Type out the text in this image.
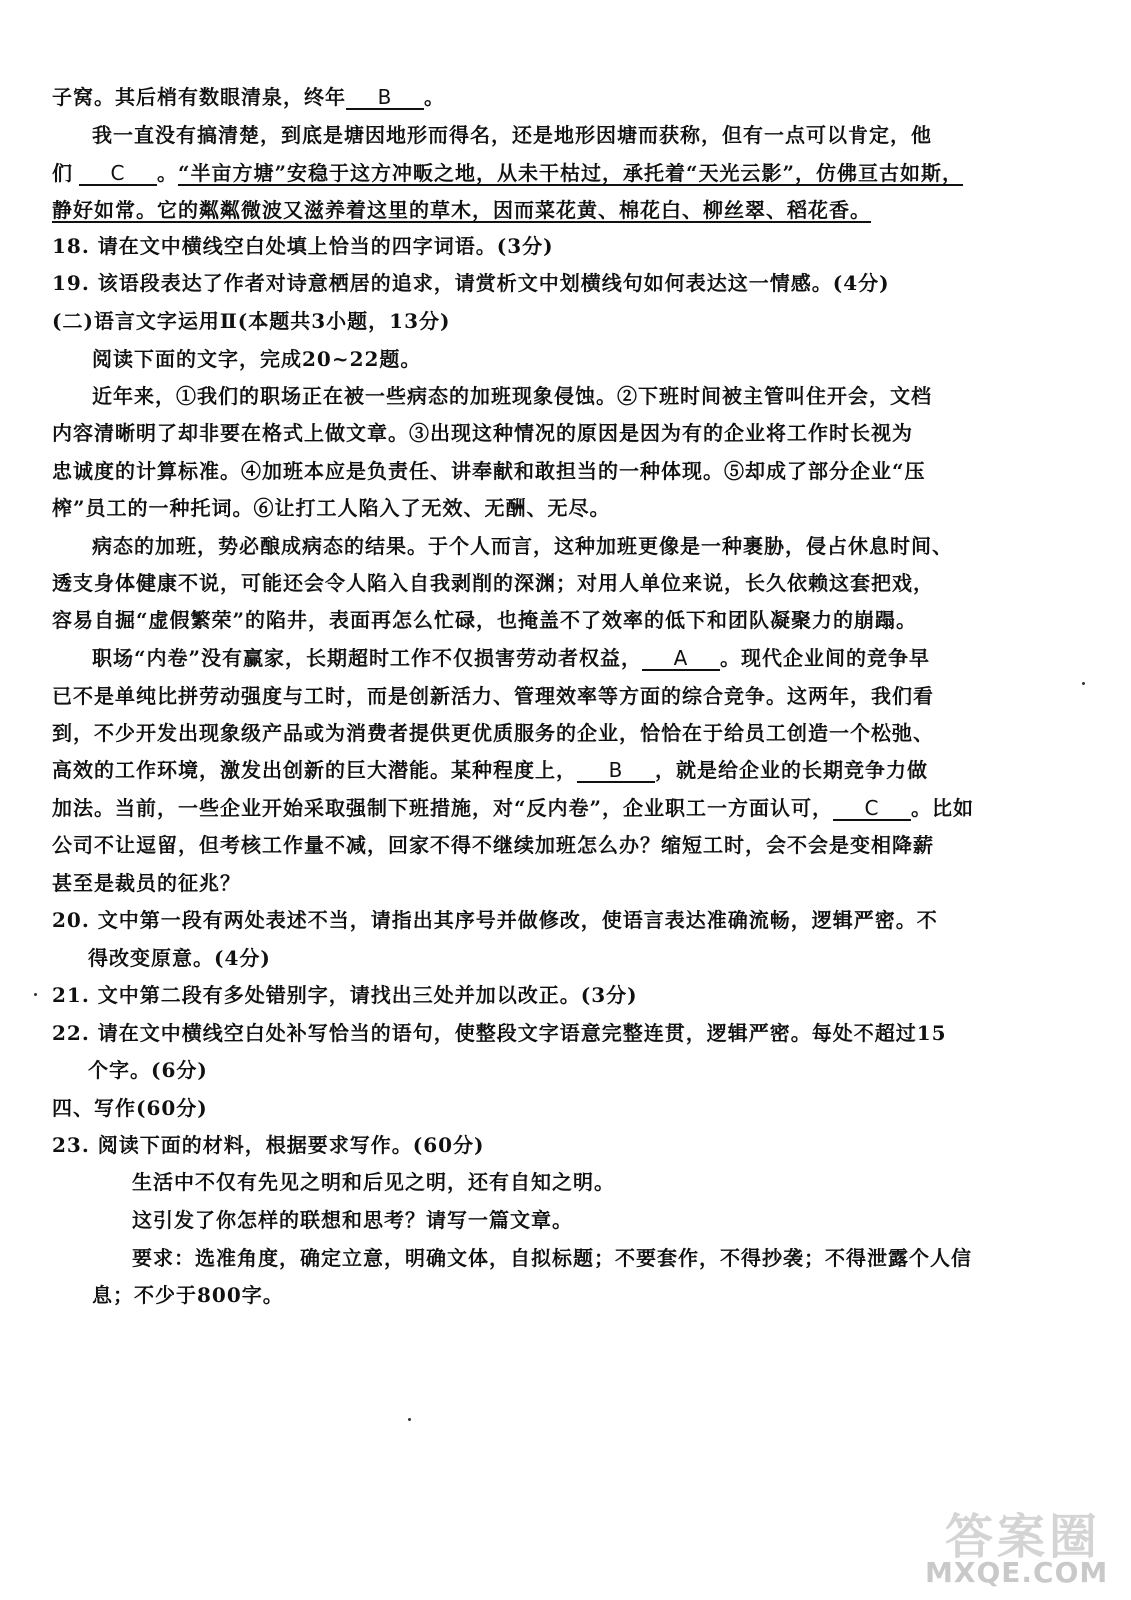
子窝。其后梢有数眼清泉，终年 B 。
我一直没有搞清楚，到底是塘因地形而得名，还是地形因塘而获称，但有一点可以肯定，他
们 C 。“半亩方塘”安稳于这方冲畈之地，从未干枯过，承托着“天光云影”，仿佛亘古如斯，
静好如常。它的粼粼微波又滋养着这里的草木，因而菜花黄、棉花白、柳丝翠、稻花香。
18. 请在文中横线空白处填上恰当的四字词语。(3分)
19. 该语段表达了作者对诗意栖居的追求，请赏析文中划横线句如何表达这一情感。(4分)
(二)语言文字运用Ⅱ(本题共3小题，13分)
阅读下面的文字，完成20~22题。
近年来，①我们的职场正在被一些病态的加班现象侵蚀。②下班时间被主管叫住开会，文档
内容清晰明了却非要在格式上做文章。③出现这种情况的原因是因为有的企业将工作时长视为
忠诚度的计算标准。④加班本应是负责任、讲奉献和敢担当的一种体现。⑤却成了部分企业“压
榨”员工的一种托词。⑥让打工人陷入了无效、无酬、无尽。
病态的加班，势必酿成病态的结果。于个人而言，这种加班更像是一种裹胁，侵占休息时间、
透支身体健康不说，可能还会令人陷入自我剥削的深渊；对用人单位来说，长久依赖这套把戏，
容易自掘“虚假繁荣”的陷井，表面再怎么忙碌，也掩盖不了效率的低下和团队凝聚力的崩蹋。
职场“内卷”没有赢家，长期超时工作不仅损害劳动者权益， A 。现代企业间的竞争早
已不是单纯比拼劳动强度与工时，而是创新活力、管理效率等方面的综合竞争。这两年，我们看
到，不少开发出现象级产品或为消费者提供更优质服务的企业，恰恰在于给员工创造一个松弛、
高效的工作环境，激发出创新的巨大潜能。某种程度上， B ，就是给企业的长期竞争力做
加法。当前，一些企业开始采取强制下班措施，对“反内卷”，企业职工一方面认可， C 。比如
公司不让逗留，但考核工作量不减，回家不得不继续加班怎么办？缩短工时，会不会是变相降薪
甚至是裁员的征兆？
20. 文中第一段有两处表述不当，请指出其序号并做修改，使语言表达准确流畅，逻辑严密。不
得改变原意。(4分)
21. 文中第二段有多处错别字，请找出三处并加以改正。(3分)
22. 请在文中横线空白处补写恰当的语句，使整段文字语意完整连贯，逻辑严密。每处不超过15
个字。(6分)
四、写作(60分)
23. 阅读下面的材料，根据要求写作。(60分)
生活中不仅有先见之明和后见之明，还有自知之明。
这引发了你怎样的联想和思考？请写一篇文章。
要求：选准角度，确定立意，明确文体，自拟标题；不要套作，不得抄袭；不得泄露个人信
息；不少于800字。
答案圈
MXQE.COM
